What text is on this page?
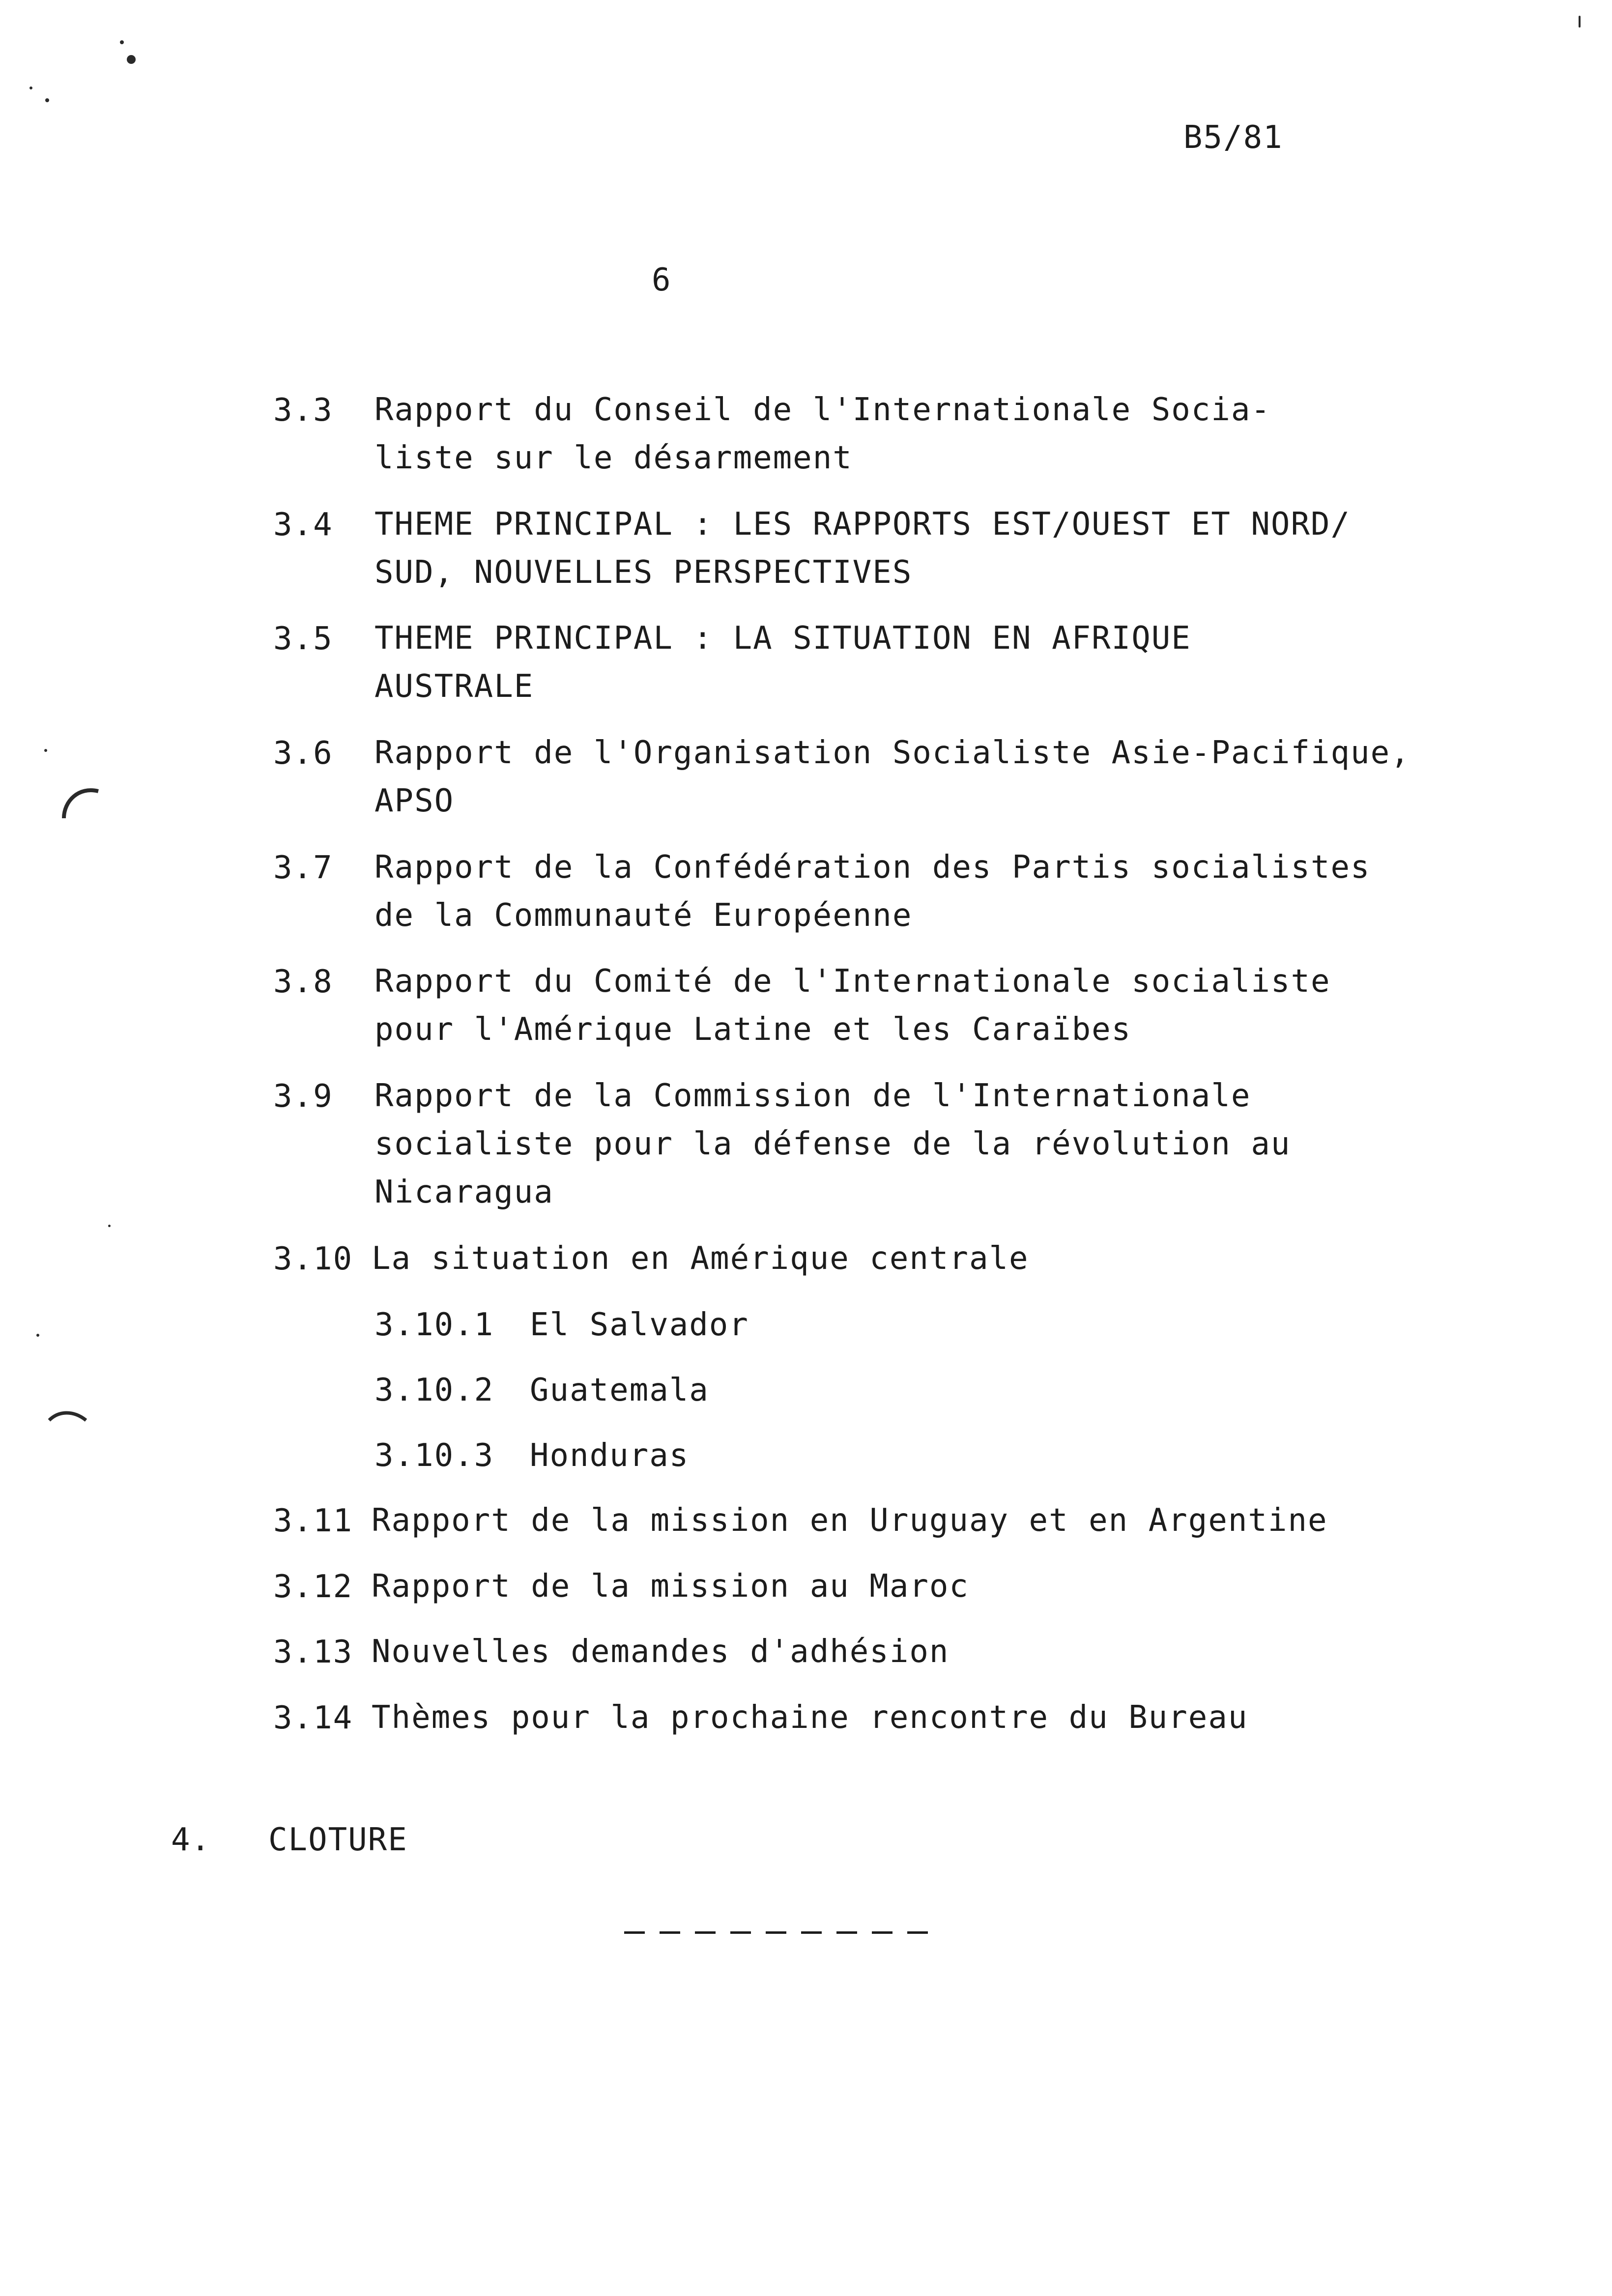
B5/81
6
3.3 Rapport du Conseil de l'Internationale Socia-
liste sur le désarmement
3.4 THEME PRINCIPAL : LES RAPPORTS EST/OUEST ET NORD/
SUD, NOUVELLES PERSPECTIVES
3.5 THEME PRINCIPAL : LA SITUATION EN AFRIQUE
AUSTRALE
3.6 Rapport de l'Organisation Socialiste Asie-Pacifique,
APSO
3.7 Rapport de la Confédération des Partis socialistes
de la Communauté Européenne
3.8 Rapport du Comité de l'Internationale socialiste
pour l'Amérique Latine et les Caraïbes
3.9 Rapport de la Commission de l'Internationale
socialiste pour la défense de la révolution au
Nicaragua
3.10 La situation en Amérique centrale
3.10.1 El Salvador
3.10.2 Guatemala
3.10.3 Honduras
3.11 Rapport de la mission en Uruguay et en Argentine
3.12 Rapport de la mission au Maroc
3.13 Nouvelles demandes d'adhésion
3.14 Thèmes pour la prochaine rencontre du Bureau
4. CLOTURE
